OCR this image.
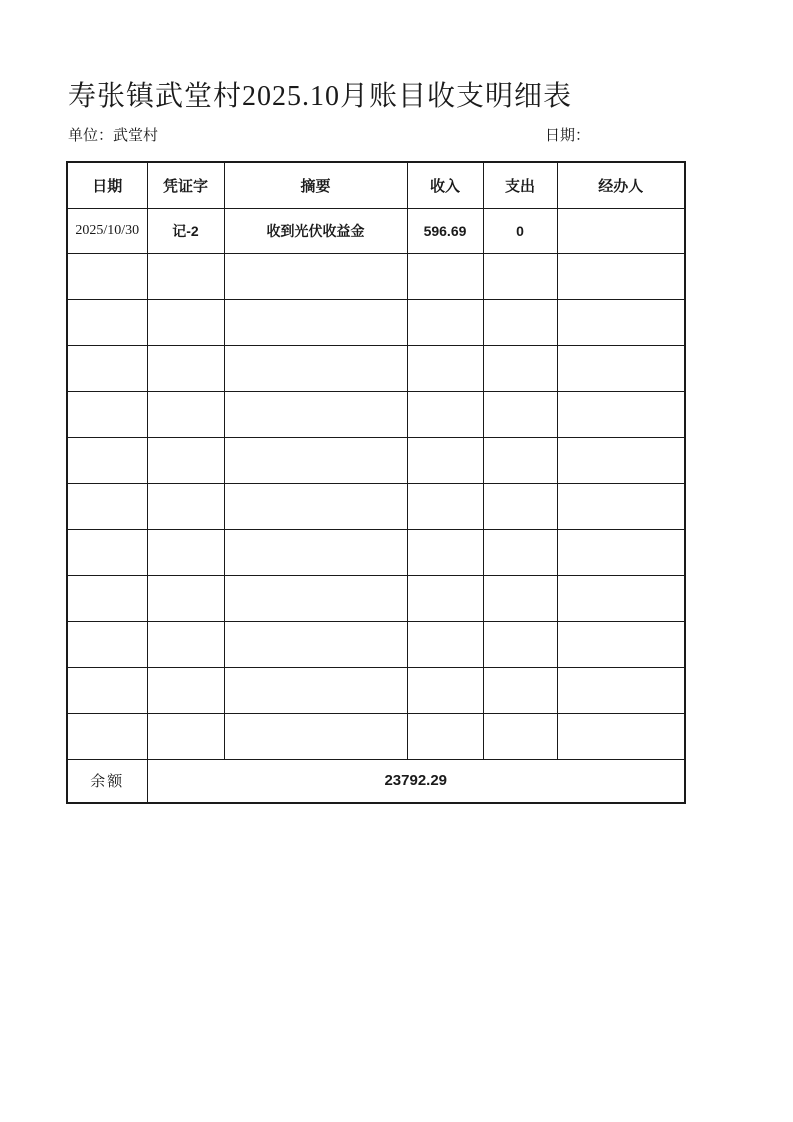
寿张镇武堂村2025.10月账目收支明细表
单位：武堂村	日期：
日期	凭证字	摘要	收入	支出	经办人
2025/10/30	记-2	收到光伏收益金	596.69	0	

余额	23792.29				
